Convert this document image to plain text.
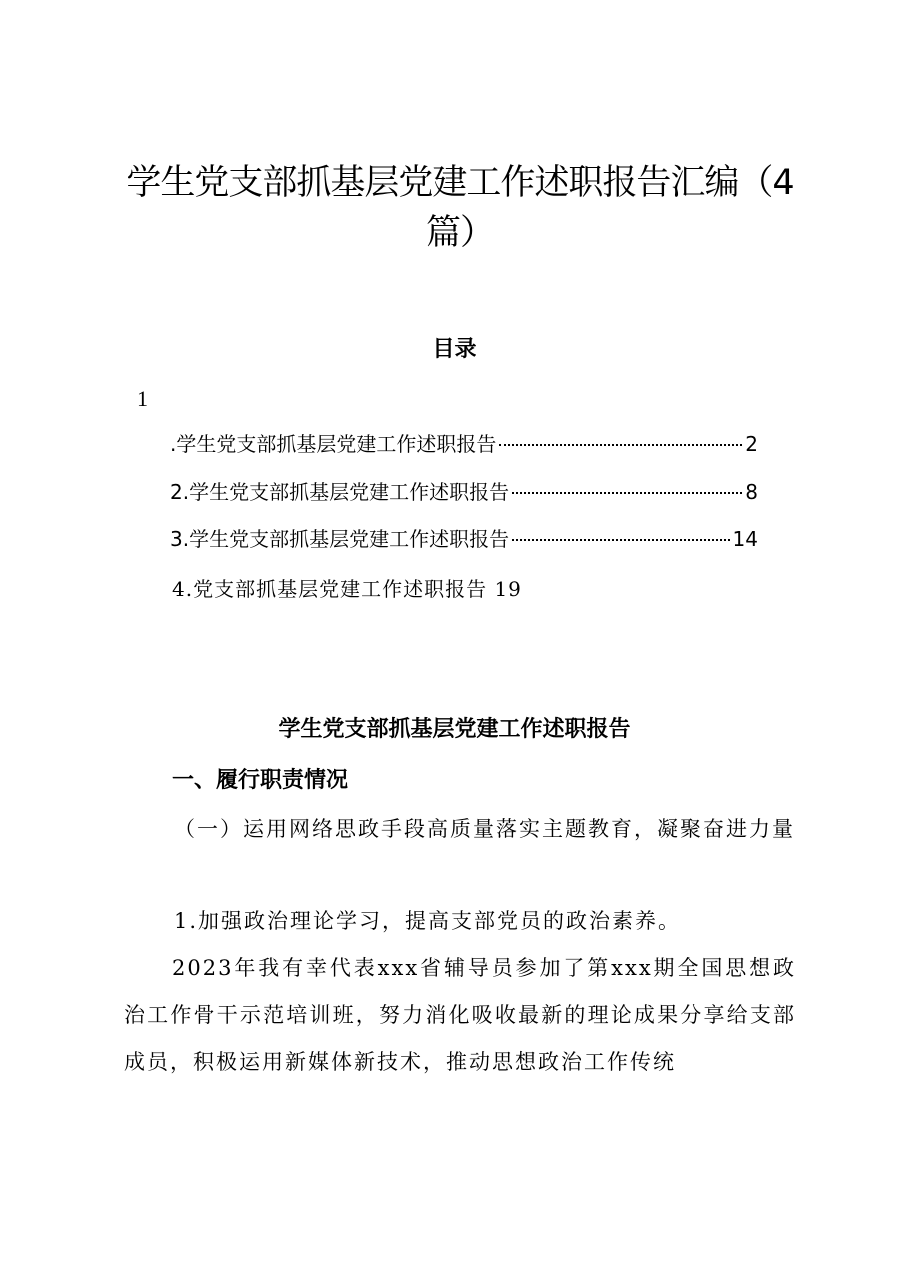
学生党支部抓基层党建工作述职报告汇编（4篇）
目录
1
.学生党支部抓基层党建工作述职报告	2
2.学生党支部抓基层党建工作述职报告	8
3.学生党支部抓基层党建工作述职报告	14
4.党支部抓基层党建工作述职报告 19
学生党支部抓基层党建工作述职报告
一、履行职责情况

（一）运用网络思政手段高质量落实主题教育，凝聚奋进力量

1.加强政治理论学习，提高支部党员的政治素养。

2023年我有幸代表xxx省辅导员参加了第xxx期全国思想政治工作骨干示范培训班，努力消化吸收最新的理论成果分享给支部成员，积极运用新媒体新技术，推动思想政治工作传统
